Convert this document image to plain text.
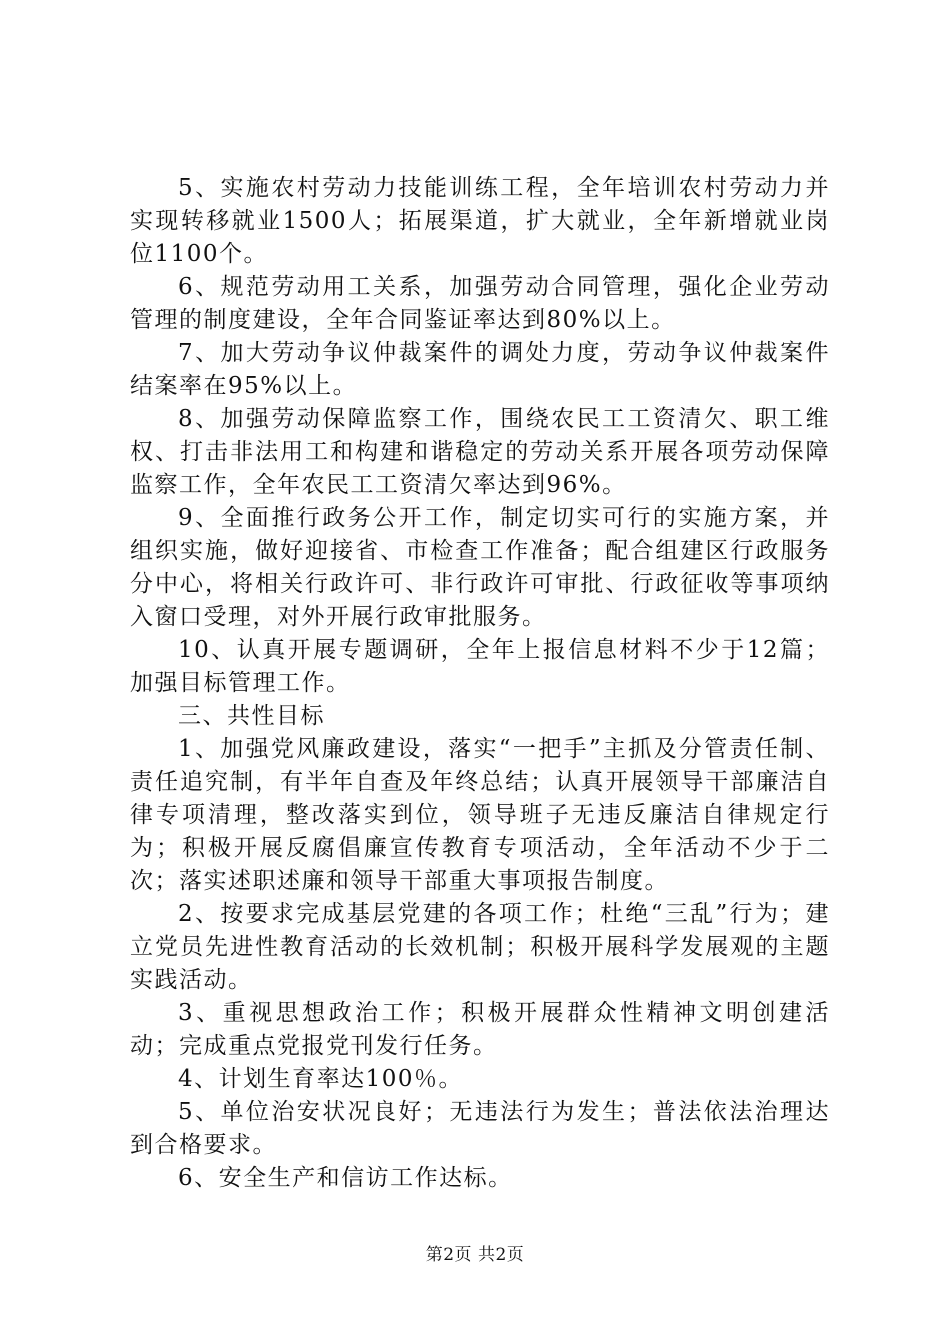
5、实施农村劳动力技能训练工程，全年培训农村劳动力并实现转移就业1500人；拓展渠道，扩大就业，全年新增就业岗位1100个。

6、规范劳动用工关系，加强劳动合同管理，强化企业劳动管理的制度建设，全年合同鉴证率达到80%以上。

7、加大劳动争议仲裁案件的调处力度，劳动争议仲裁案件结案率在95%以上。

8、加强劳动保障监察工作，围绕农民工工资清欠、职工维权、打击非法用工和构建和谐稳定的劳动关系开展各项劳动保障监察工作，全年农民工工资清欠率达到96%。

9、全面推行政务公开工作，制定切实可行的实施方案，并组织实施，做好迎接省、市检查工作准备；配合组建区行政服务分中心，将相关行政许可、非行政许可审批、行政征收等事项纳入窗口受理，对外开展行政审批服务。

10、认真开展专题调研，全年上报信息材料不少于12篇；加强目标管理工作。

三、共性目标

1、加强党风廉政建设，落实“一把手”主抓及分管责任制、责任追究制，有半年自查及年终总结；认真开展领导干部廉洁自律专项清理，整改落实到位，领导班子无违反廉洁自律规定行为；积极开展反腐倡廉宣传教育专项活动，全年活动不少于二次；落实述职述廉和领导干部重大事项报告制度。

2、按要求完成基层党建的各项工作；杜绝“三乱”行为；建立党员先进性教育活动的长效机制；积极开展科学发展观的主题实践活动。

3、重视思想政治工作；积极开展群众性精神文明创建活动；完成重点党报党刊发行任务。

4、计划生育率达100％。

5、单位治安状况良好；无违法行为发生；普法依法治理达到合格要求。

6、安全生产和信访工作达标。

第2页 共2页
